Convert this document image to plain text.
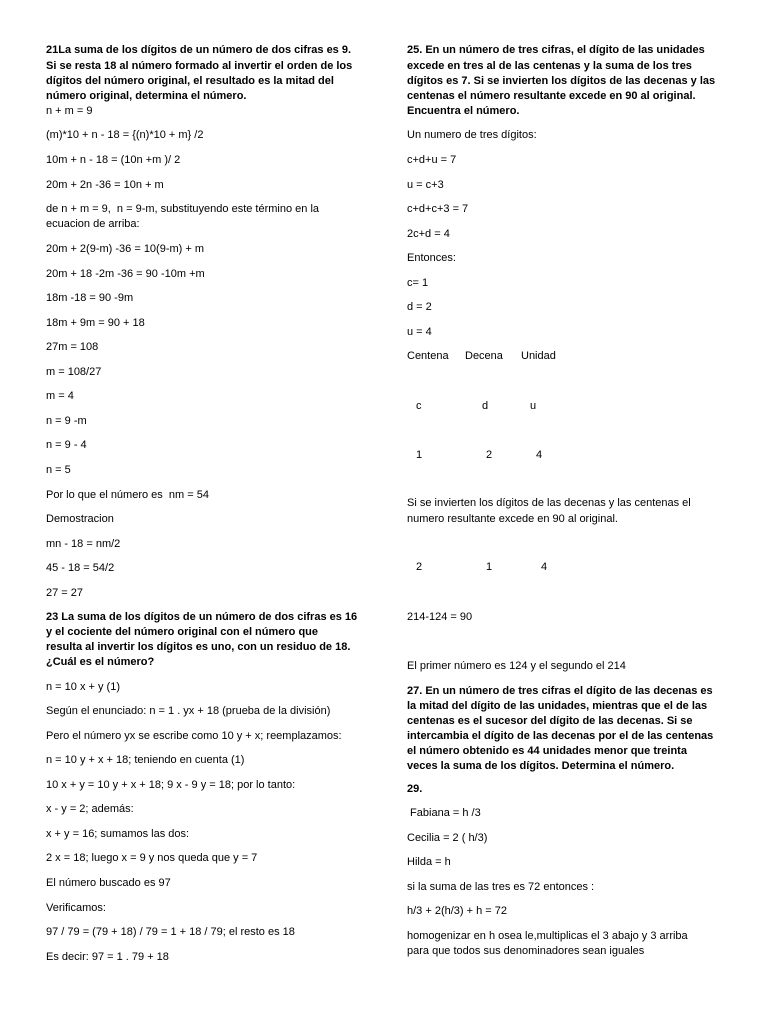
21La suma de los dígitos de un número de dos cifras es 9.
Si se resta 18 al número formado al invertir el orden de los
dígitos del número original, el resultado es la mitad del
número original, determina el número.
n + m = 9
(m)*10 + n - 18 = {(n)*10 + m} /2
10m + n - 18 = (10n +m )/ 2
20m + 2n -36 = 10n + m
de n + m = 9,  n = 9-m, substituyendo este término en la
ecuacion de arriba:
20m + 2(9-m) -36 = 10(9-m) + m
20m + 18 -2m -36 = 90 -10m +m
18m -18 = 90 -9m
18m + 9m = 90 + 18
27m = 108
m = 108/27
m = 4
n = 9 -m
n = 9 - 4
n = 5
Por lo que el número es  nm = 54
Demostracion
mn - 18 = nm/2
45 - 18 = 54/2
27 = 27
23 La suma de los dígitos de un número de dos cifras es 16
y el cociente del número original con el número que
resulta al invertir los dígitos es uno, con un residuo de 18.
¿Cuál es el número?
n = 10 x + y (1)
Según el enunciado: n = 1 . yx + 18 (prueba de la división)
Pero el número yx se escribe como 10 y + x; reemplazamos:
n = 10 y + x + 18; teniendo en cuenta (1)
10 x + y = 10 y + x + 18; 9 x - 9 y = 18; por lo tanto:
x - y = 2; además:
x + y = 16; sumamos las dos:
2 x = 18; luego x = 9 y nos queda que y = 7
El número buscado es 97
Verificamos:
97 / 79 = (79 + 18) / 79 = 1 + 18 / 79; el resto es 18
Es decir: 97 = 1 . 79 + 18
25. En un número de tres cifras, el dígito de las unidades
excede en tres al de las centenas y la suma de los tres
dígitos es 7. Si se invierten los dígitos de las decenas y las
centenas el número resultante excede en 90 al original.
Encuentra el número.
Un numero de tres dígitos:
c+d+u = 7
u = c+3
c+d+c+3 = 7
2c+d = 4
Entonces:
c= 1
d = 2
u = 4
Centena Decena Unidad
c	d	u
1	2	4
Si se invierten los dígitos de las decenas y las centenas el
numero resultante excede en 90 al original.
2	1	4
214-124 = 90
El primer número es 124 y el segundo el 214
27. En un número de tres cifras el dígito de las decenas es
la mitad del dígito de las unidades, mientras que el de las
centenas es el sucesor del dígito de las decenas. Si se
intercambia el dígito de las decenas por el de las centenas
el número obtenido es 44 unidades menor que treinta
veces la suma de los dígitos. Determina el número.
29.
Fabiana = h /3
Cecilia = 2 ( h/3)
Hilda = h
si la suma de las tres es 72 entonces :
h/3 + 2(h/3) + h = 72
homogenizar en h osea le,multiplicas el 3 abajo y 3 arriba
para que todos sus denominadores sean iguales
